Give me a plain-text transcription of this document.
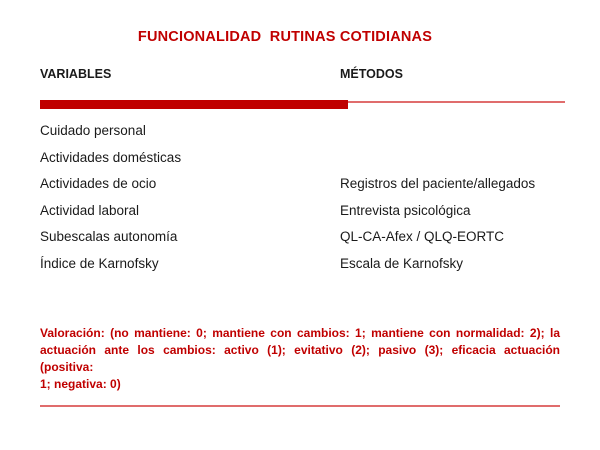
FUNCIONALIDAD  RUTINAS COTIDIANAS
VARIABLES	MÉTODOS
Cuidado personal
Actividades domésticas
Actividades de ocio	Registros del paciente/allegados
Actividad laboral	Entrevista psicológica
Subescalas autonomía	QL-CA-Afex / QLQ-EORTC
Índice de Karnofsky	Escala de Karnofsky

Valoración: (no mantiene: 0; mantiene con cambios: 1; mantiene con normalidad: 2); la
actuación ante los cambios: activo (1); evitativo (2); pasivo (3); eficacia actuación (positiva:
1; negativa: 0)
